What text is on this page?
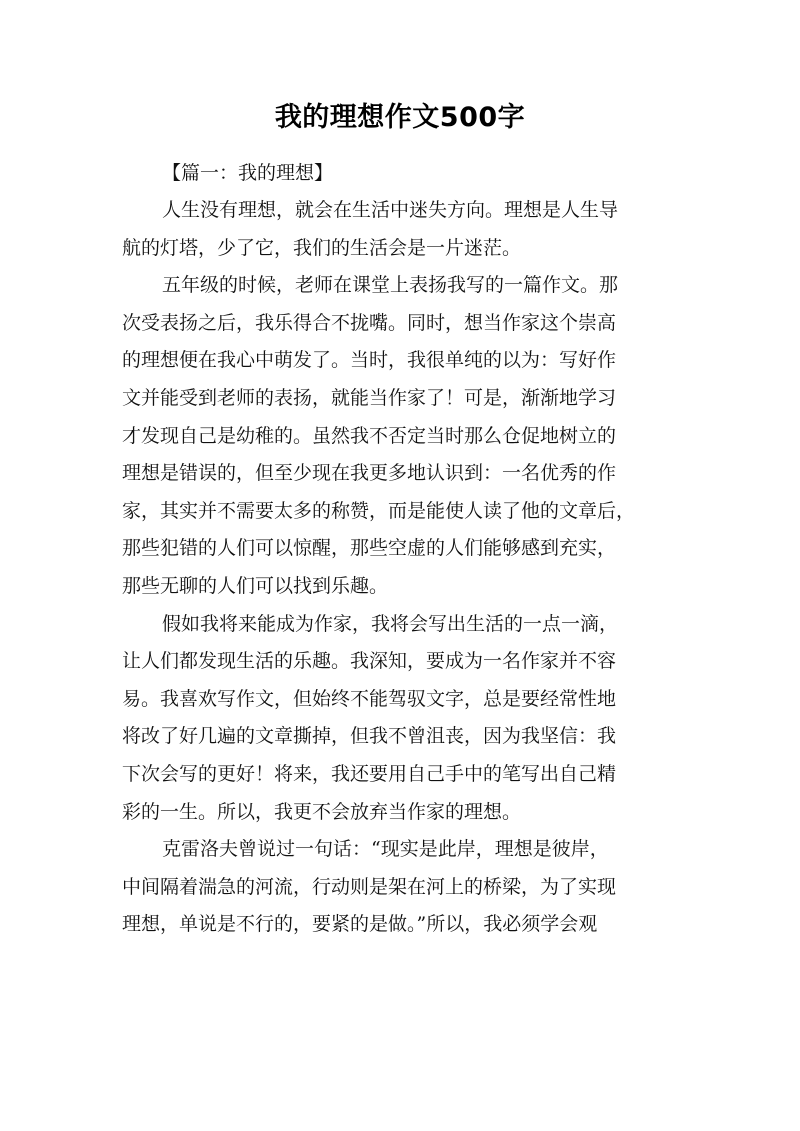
我的理想作文500字

【篇一：我的理想】

人生没有理想，就会在生活中迷失方向。理想是人生导
航的灯塔，少了它，我们的生活会是一片迷茫。

五年级的时候，老师在课堂上表扬我写的一篇作文。那
次受表扬之后，我乐得合不拢嘴。同时，想当作家这个崇高
的理想便在我心中萌发了。当时，我很单纯的以为：写好作
文并能受到老师的表扬，就能当作家了！可是，渐渐地学习
才发现自己是幼稚的。虽然我不否定当时那么仓促地树立的
理想是错误的，但至少现在我更多地认识到：一名优秀的作
家，其实并不需要太多的称赞，而是能使人读了他的文章后，
那些犯错的人们可以惊醒，那些空虚的人们能够感到充实，
那些无聊的人们可以找到乐趣。

假如我将来能成为作家，我将会写出生活的一点一滴，
让人们都发现生活的乐趣。我深知，要成为一名作家并不容
易。我喜欢写作文，但始终不能驾驭文字，总是要经常性地
将改了好几遍的文章撕掉，但我不曾沮丧，因为我坚信：我
下次会写的更好！将来，我还要用自己手中的笔写出自己精
彩的一生。所以，我更不会放弃当作家的理想。

克雷洛夫曾说过一句话：“现实是此岸，理想是彼岸，
中间隔着湍急的河流，行动则是架在河上的桥梁，为了实现
理想，单说是不行的，要紧的是做。”所以，我必须学会观
